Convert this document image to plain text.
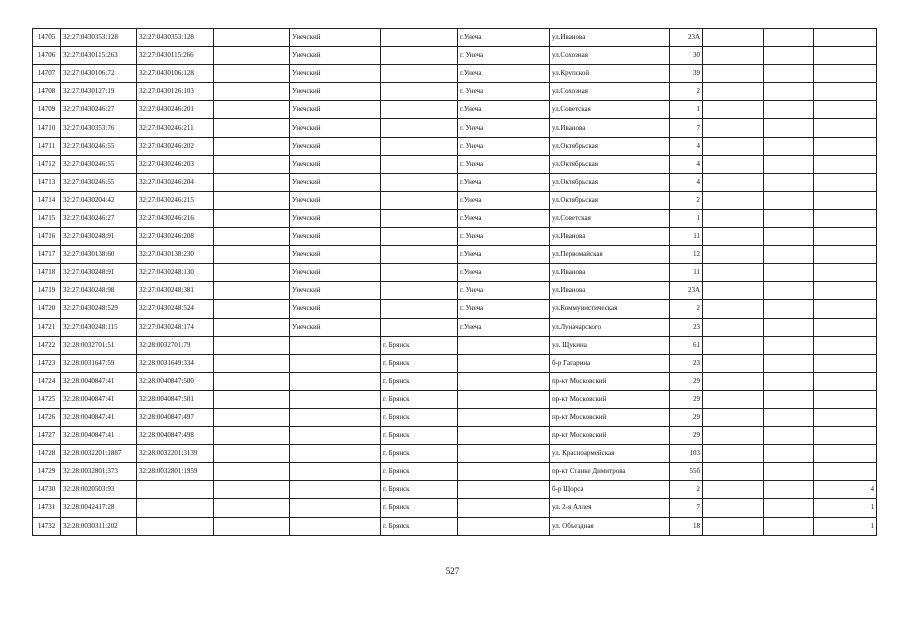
14705	32:27:0430353:128	32:27:0430353:128		Унечский		г.Унеча	ул.Иванова	23А			
14706	32:27:0430115:263	32:27:0430115:266		Унечский		г. Унеча	ул.Сохозная	30			
14707	32:27:0430106:72	32:27:0430106:128		Унечский		г.Унеча	ул.Крупской	39			
14708	32:27:0430127:19	32:27:0430126:103		Унечский		г. Унеча	ул.Сохозная	2			
14709	32:27:0430246:27	32:27:0430246:201		Унечский		г.Унеча	ул.Советская	1			
14710	32:27:0430353:76	32:27:0430246:211		Унечский		г. Унеча	ул.Иванова	7			
14711	32:27:0430246:55	32:27:0430246:202		Унечский		г. Унеча	ул.Октябрьская	4			
14712	32:27:0430246:55	32:27:0430246:203		Унечский		г. Унеча	ул.Октябрьская	4			
14713	32:27:0430246:55	32:27:0430246:204		Унечский		г.Унеча	ул.Октябрьская	4			
14714	32:27:0430204:42	32:27:0430246:215		Унечский		г.Унеча	ул.Октябрьская	2			
14715	32:27:0430246:27	32:27:0430246:216		Унечский		г.Унеча	ул.Советская	1			
14716	32:27:0430248:91	32:27:0430246:208		Унечский		г. Унеча	ул.Иванова	11			
14717	32:27:0430138:60	32:27:0430138:230		Унечский		г.Унеча	ул.Первомайская	12			
14718	32:27:0430248:91	32:27:0430248:130		Унечский		г.Унеча	ул.Иванова	11			
14719	32:27:0430248:98	32:27:0430248:381		Унечский		г. Унеча	ул.Иванова	23А			
14720	32:27:0430248:529	32:27:0430248:524		Унечский		г. Унеча	ул.Коммунистическая	2			
14721	32:27:0430248:115	32:27:0430248:174		Унечский		г.Унеча	ул.Луначарского	23			
14722	32:28:0032701:51	32:28:0032701:79			г. Брянск		ул. Щукина	61			
14723	32:28:0031647:59	32:28:0031649:334			г. Брянск		б-р Гагарина	23			
14724	32:28:0040847:41	32:28:0040847:500			г. Брянск		пр-кт Московский	29			
14725	32:28:0040847:41	32:28:0040847:501			г. Брянск		пр-кт Московский	29			
14726	32:28:0040847:41	32:28:0040847:497			г. Брянск		пр-кт Московский	29			
14727	32:28:0040847:41	32:28:0040847:498			г. Брянск		пр-кт Московский	29			
14728	32:28:0032201:1887	32:28:0032201:3139			г. Брянск		ул. Красноармейская	103			
14729	32:28:0032801:373	32:28:0032801:1959			г. Брянск		пр-кт Станке Димитрова	55б			
14730	32:28:0020503:93				г. Брянск		б-р Щорса	2			4
14731	32:28:0042417:28				г. Брянск		ул. 2-я Аллея	7			1
14732	32:28:0030311:202				г. Брянск		ул. Объездная	18			1
527
